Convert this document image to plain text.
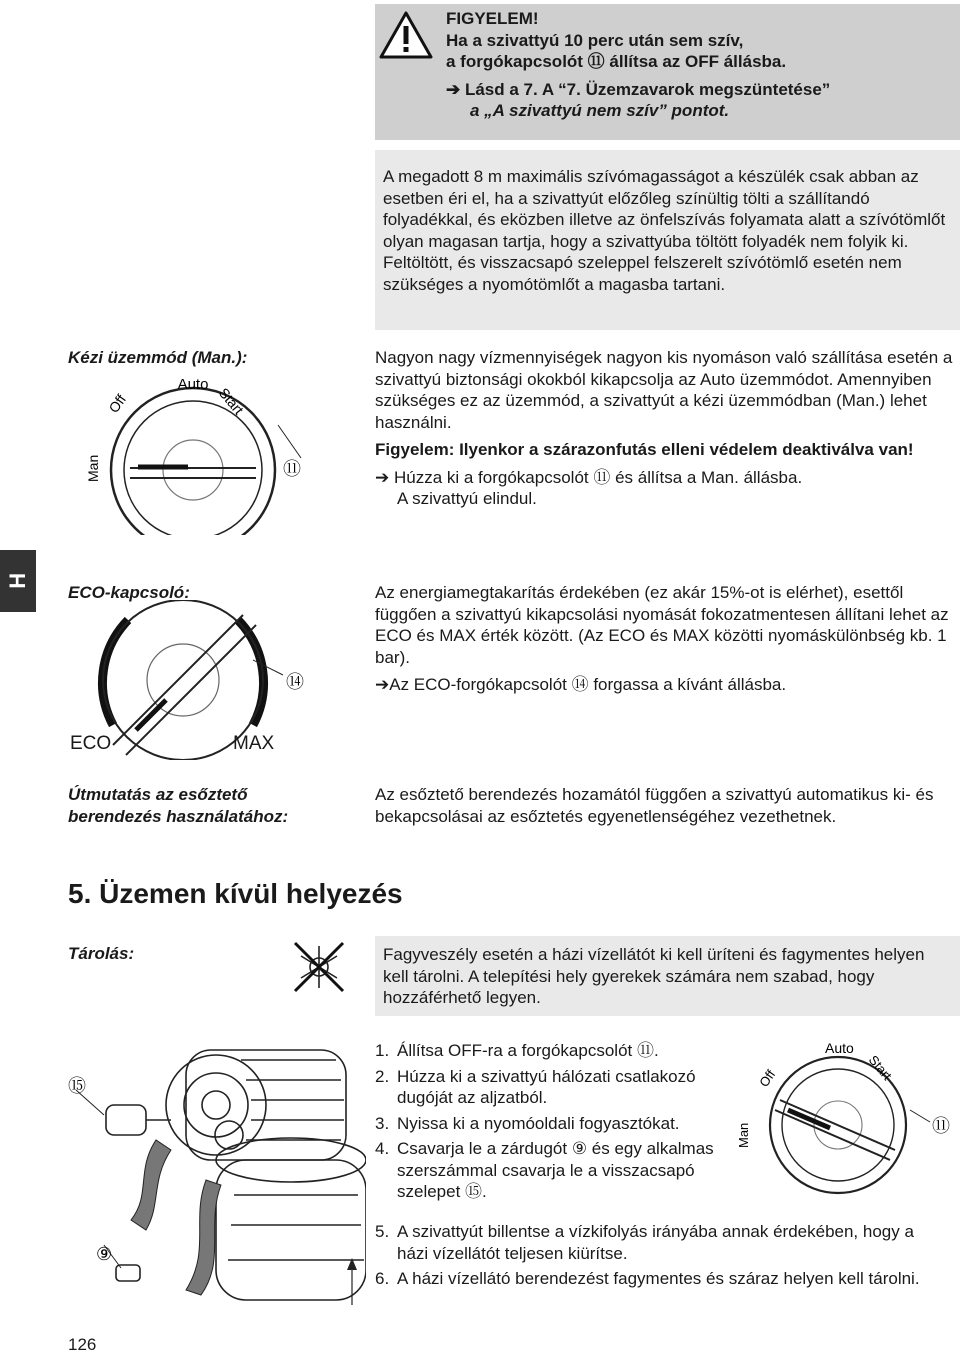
FIGYELEM!
Ha a szivattyú 10 perc után sem szív,
a forgókapcsolót ⑪ állítsa az OFF állásba.
➔ Lásd a 7. A “7. Üzemzavarok megszüntetése”
a „A szivattyú nem szív” pontot.

A megadott 8 m maximális szívómagasságot a készülék csak abban az esetben éri el, ha a szivattyút előzőleg színültig tölti a szállítandó folyadékkal, és eközben illetve az önfelszívás folyamata alatt a szívótömlőt olyan magasan tartja, hogy a szivattyúba töltött folyadék nem folyik ki. Feltöltött, és visszacsapó szeleppel felszerelt szívótömlő esetén nem szükséges a nyomótömlőt a magasba tartani.

Kézi üzemmód (Man.):
Auto
Off	Start
Man	⑪

Nagyon nagy vízmennyiségek nagyon kis nyomáson való szállítása esetén a szivattyú biztonsági okokból kikapcsolja az Auto üzemmódot. Amennyiben szükséges ez az üzemmód, a szivattyút a kézi üzemmódban (Man.) lehet használni.

Figyelem: Ilyenkor a szárazonfutás elleni védelem deaktiválva van!

➔ Húzza ki a forgókapcsolót ⑪ és állítsa a Man. állásba.

A szivattyú elindul.

H
ECO-kapcsoló:
⑭
ECO	MAX

Az energiamegtakarítás érdekében (ez akár 15%-ot is elérhet), esettől függően a szivattyú kikapcsolási nyomását fokozatmentesen állítani lehet az ECO és MAX érték között. (Az ECO és MAX közötti nyomáskülönbség kb. 1 bar).

➔Az ECO-forgókapcsolót ⑭ forgassa a kívánt állásba.

Útmutatás az esőztető
berendezés használatához:

Az esőztető berendezés hozamától függően a szivattyú automatikus ki- és bekapcsolásai az esőztetés egyenetlenségéhez vezethetnek.

5. Üzemen kívül helyezés
Tárolás:	Fagyveszély esetén a házi vízellátót ki kell üríteni és fagymentes helyen kell tárolni. A telepítési hely gyerekek számára nem szabad, hogy hozzáférhető legyen.

⑮
⑨
1. Állítsa OFF-ra a forgókapcsolót ⑪.
2. Húzza ki a szivattyú hálózati csatlakozó dugóját az aljzatból.
3. Nyissa ki a nyomóoldali fogyasztókat.
4. Csavarja le a zárdugót ⑨ és egy alkalmas szerszámmal csavarja le a visszacsapó szelepet ⑮.
5. A szivattyút billentse a vízkifolyás irányába annak érdekében, hogy a házi vízellátót teljesen kiürítse.
6. A házi vízellátó berendezést fagymentes és száraz helyen kell tárolni.
Auto
Off	Start
Man	⑪
126
